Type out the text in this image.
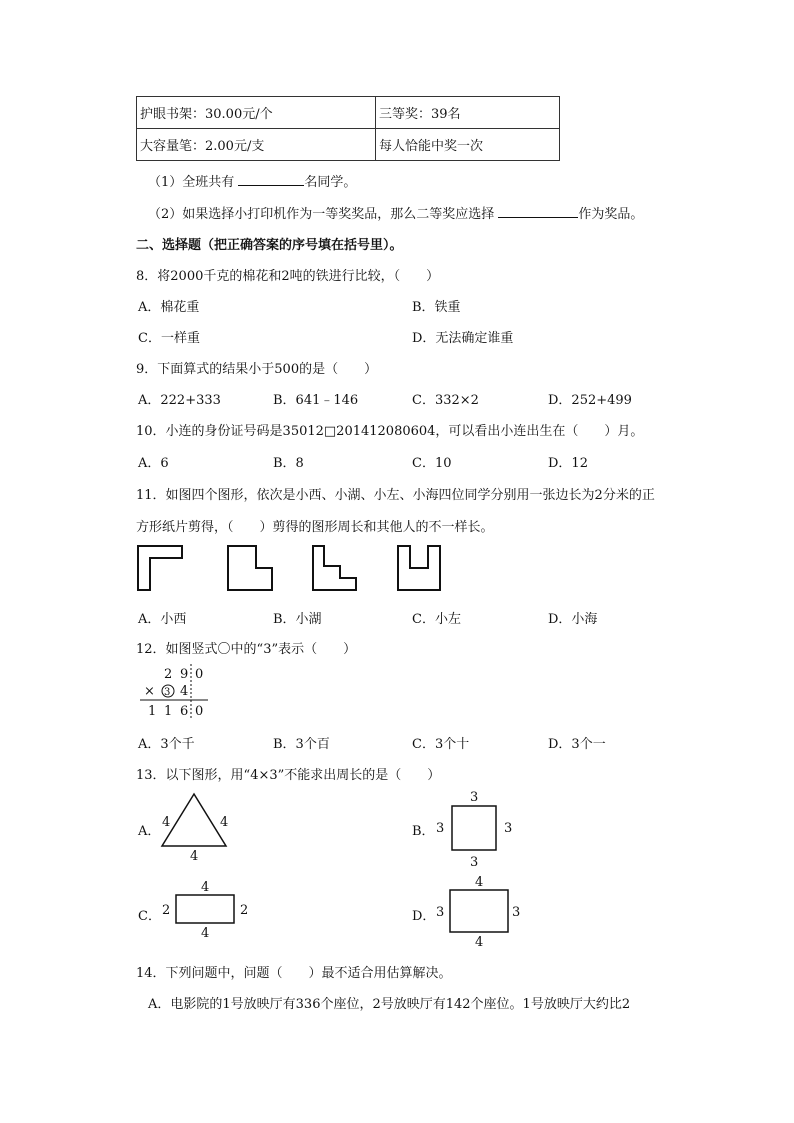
护眼书架：30.00元/个	三等奖：39名
大容量笔：2.00元/支	每人恰能中奖一次
（1）全班共有	名同学。
（2）如果选择小打印机作为一等奖奖品，那么二等奖应选择	作为奖品。
二、选择题（把正确答案的序号填在括号里）。
8．将2000千克的棉花和2吨的铁进行比较，（　　）
A．棉花重	B．铁重
C．一样重	D．无法确定谁重
9．下面算式的结果小于500的是（　　）
A．222+333	B．641﹣146	C．332×2	D．252+499
10．小连的身份证号码是35012□201412080604，可以看出小连出生在（　　）月。
A．6	B．8	C．10	D．12
11．如图四个图形，依次是小西、小湖、小左、小海四位同学分别用一张边长为2分米的正
方形纸片剪得，（　　）剪得的图形周长和其他人的不一样长。
A．小西	B．小湖	C．小左	D．小海
12．如图竖式〇中的“3”表示（　　）
2 9 0
× 3 4
1 1 6 0
A．3个千	B．3个百	C．3个十	D．3个一
13．以下图形，用“4×3”不能求出周长的是（　　）
A．
4	4
4
B．
3
3	3
3
C．
4
2	2
4
D．
4
3	3
4
14．下列问题中，问题（　　）最不适合用估算解决。
A．电影院的1号放映厅有336个座位，2号放映厅有142个座位。1号放映厅大约比2
